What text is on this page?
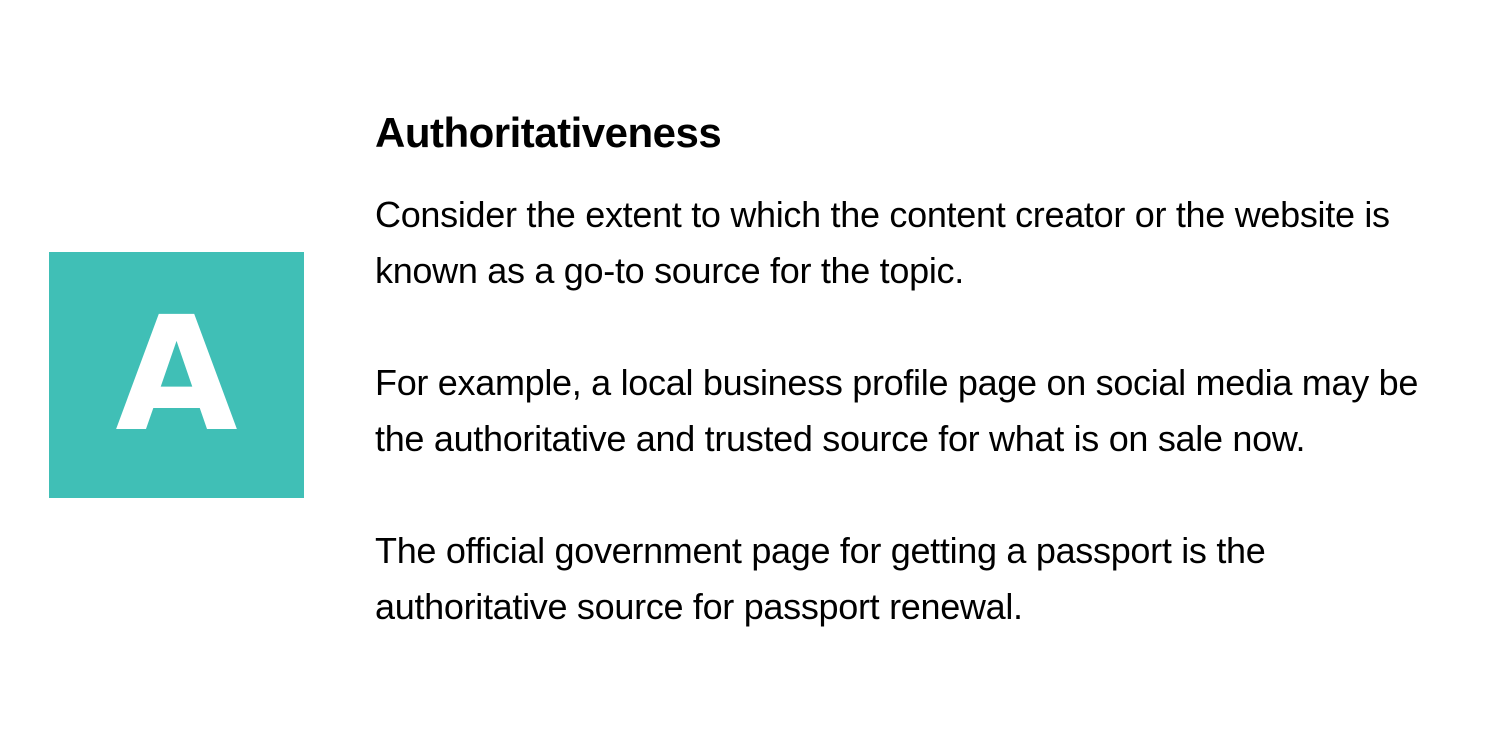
A
Authoritativeness

Consider the extent to which the content creator or the website is known as a go-to source for the topic.

For example, a local business profile page on social media may be the authoritative and trusted source for what is on sale now.

The official government page for getting a passport is the authoritative source for passport renewal.
